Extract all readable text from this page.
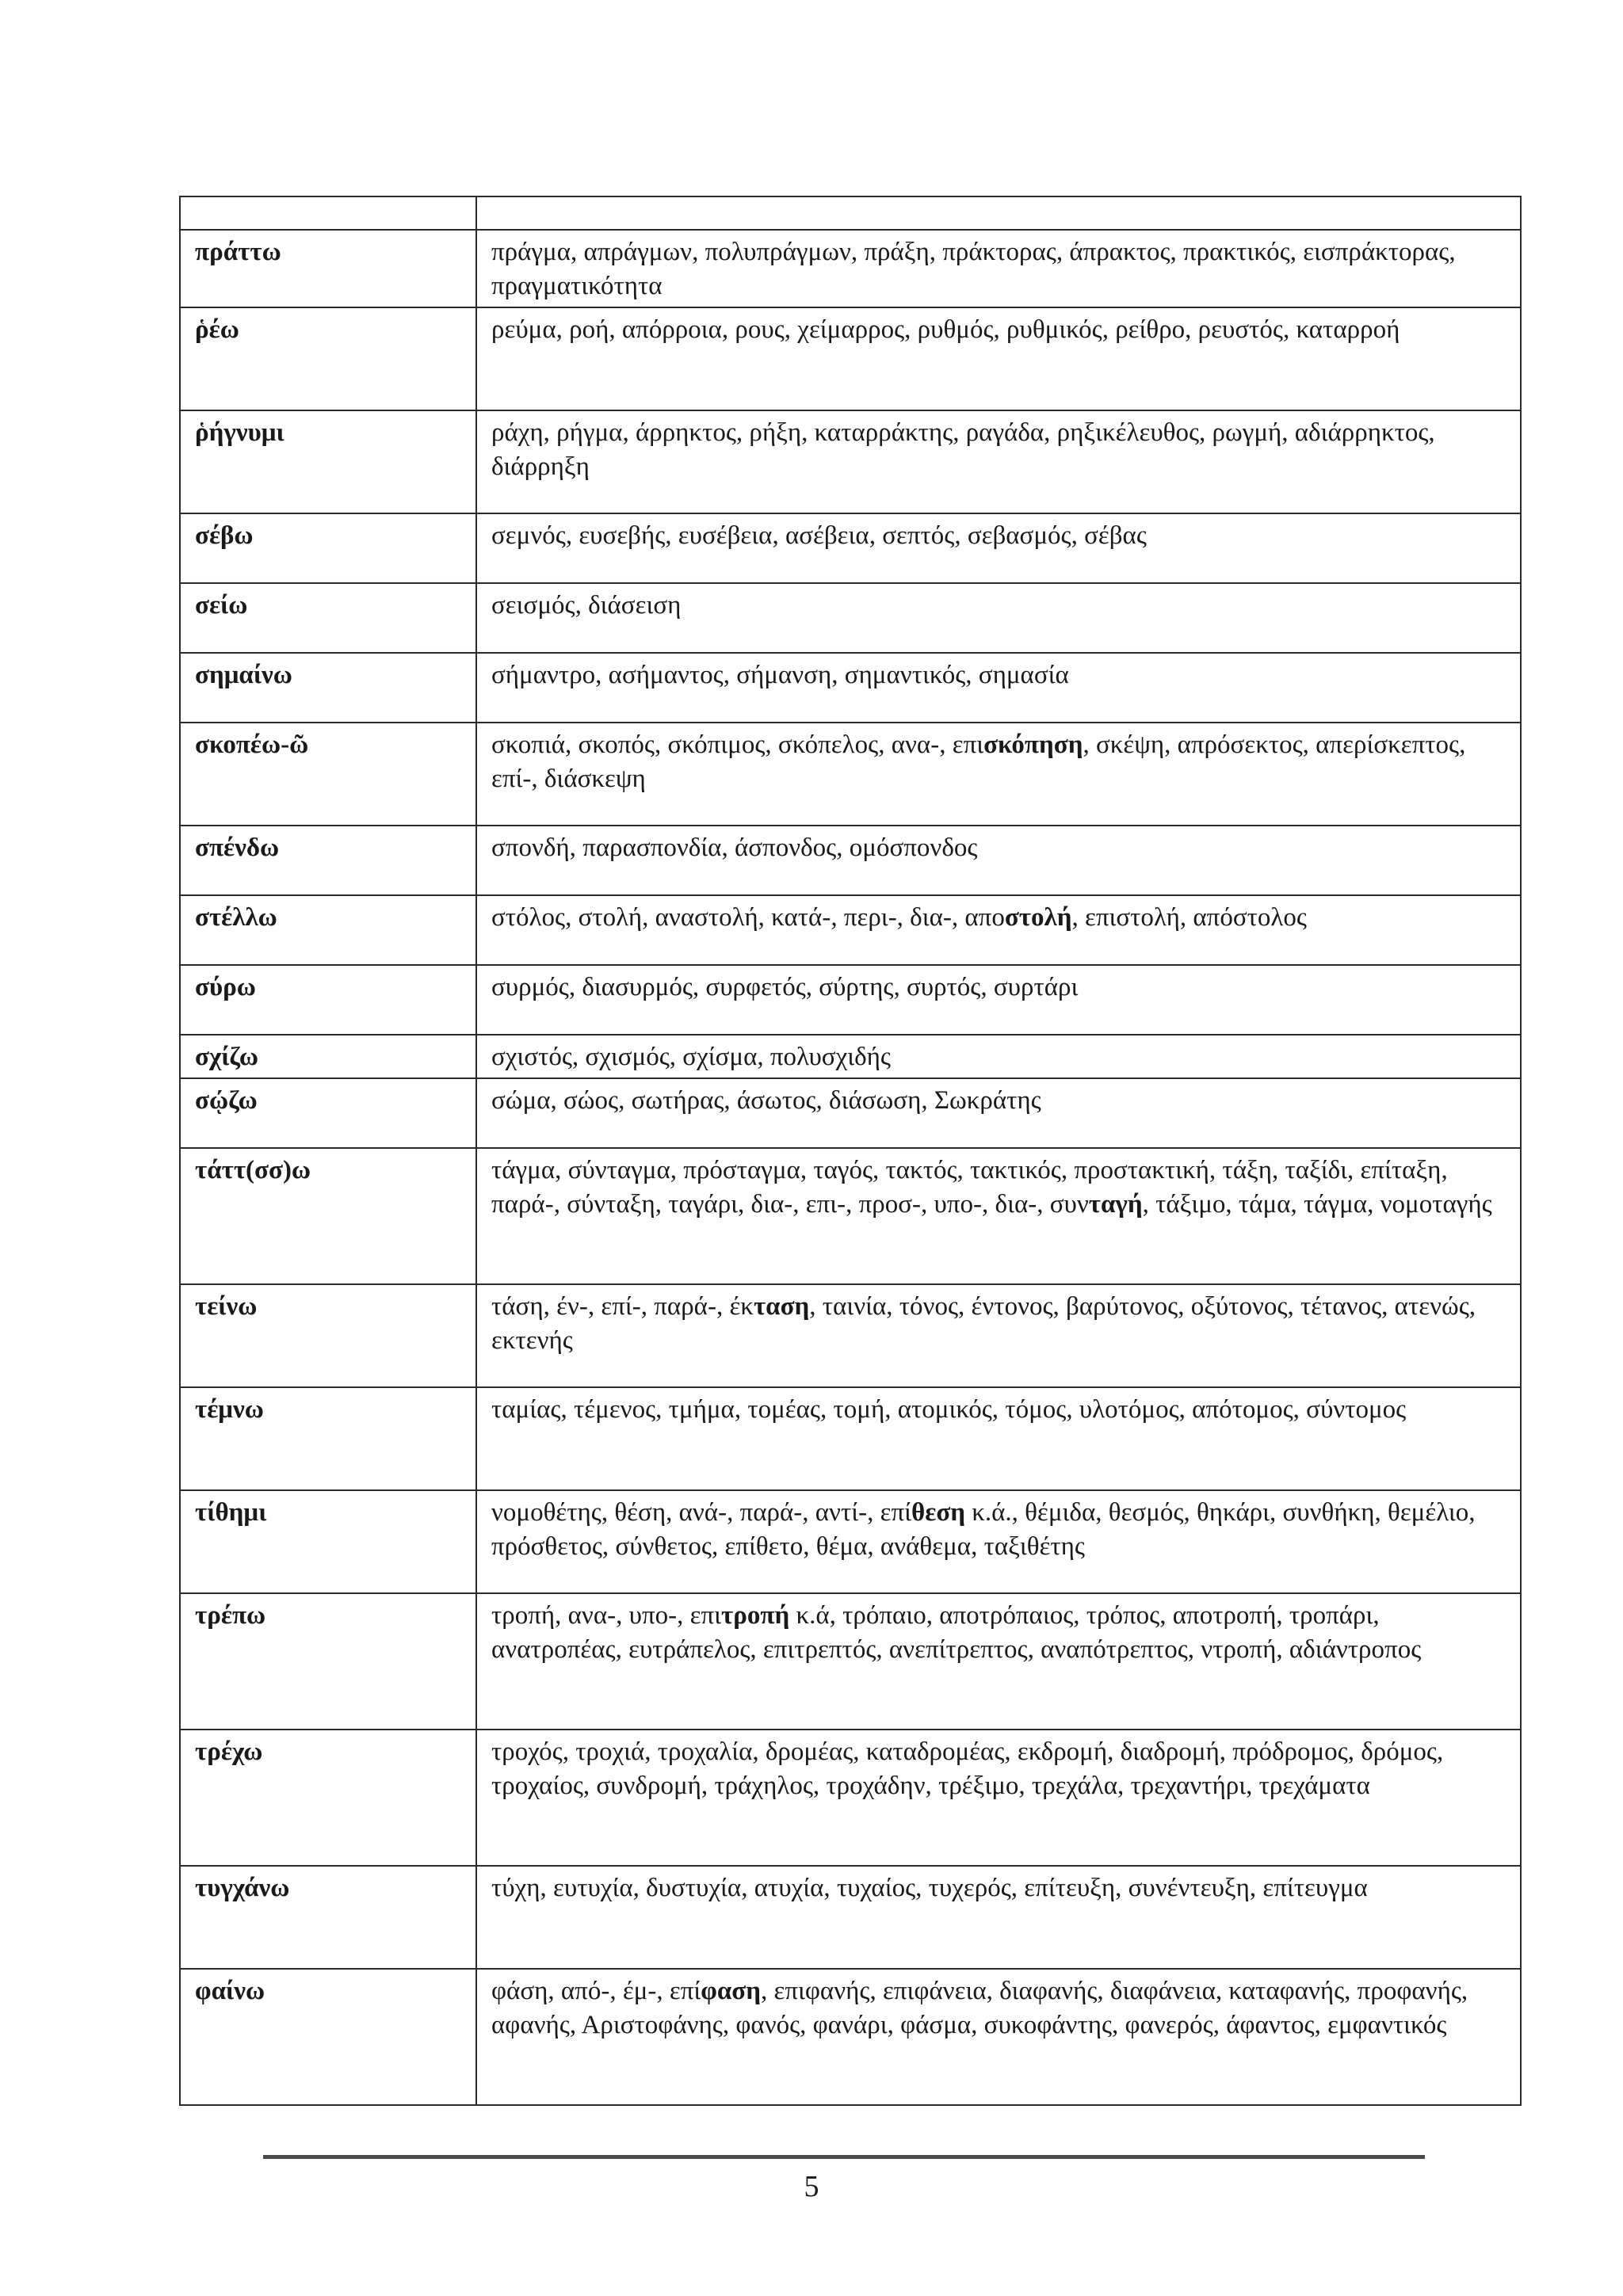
πράττω	πράγμα, απράγμων, πολυπράγμων, πράξη, πράκτορας, άπρακτος, πρακτικός, εισπράκτορας, πραγματικότητα
ῥέω	ρεύμα, ροή, απόρροια, ρους, χείμαρρος, ρυθμός, ρυθμικός, ρείθρο, ρευστός, καταρροή
ῥήγνυμι	ράχη, ρήγμα, άρρηκτος, ρήξη, καταρράκτης, ραγάδα, ρηξικέλευθος, ρωγμή, αδιάρρηκτος, διάρρηξη
σέβω	σεμνός, ευσεβής, ευσέβεια, ασέβεια, σεπτός, σεβασμός, σέβας
σείω	σεισμός, διάσειση
σημαίνω	σήμαντρο, ασήμαντος, σήμανση, σημαντικός, σημασία
σκοπέω-ῶ	σκοπιά, σκοπός, σκόπιμος, σκόπελος, ανα-, επισκόπηση, σκέψη, απρόσεκτος, απερίσκεπτος, επί-, διάσκεψη
σπένδω	σπονδή, παρασπονδία, άσπονδος, ομόσπονδος
στέλλω	στόλος, στολή, αναστολή, κατά-, περι-, δια-, αποστολή, επιστολή, απόστολος
σύρω	συρμός, διασυρμός, συρφετός, σύρτης, συρτός, συρτάρι
σχίζω	σχιστός, σχισμός, σχίσμα, πολυσχιδής
σῴζω	σώμα, σώος, σωτήρας, άσωτος, διάσωση, Σωκράτης
τάττ(σσ)ω	τάγμα, σύνταγμα, πρόσταγμα, ταγός, τακτός, τακτικός, προστακτική, τάξη, ταξίδι, επίταξη, παρά-, σύνταξη, ταγάρι, δια-, επι-, προσ-, υπο-, δια-, συνταγή, τάξιμο, τάμα, τάγμα, νομοταγής
τείνω	τάση, έν-, επί-, παρά-, έκταση, ταινία, τόνος, έντονος, βαρύτονος, οξύτονος, τέτανος, ατενώς, εκτενής
τέμνω	ταμίας, τέμενος, τμήμα, τομέας, τομή, ατομικός, τόμος, υλοτόμος, απότομος, σύντομος
τίθημι	νομοθέτης, θέση, ανά-, παρά-, αντί-, επίθεση κ.ά., θέμιδα, θεσμός, θηκάρι, συνθήκη, θεμέλιο, πρόσθετος, σύνθετος, επίθετο, θέμα, ανάθεμα, ταξιθέτης
τρέπω	τροπή, ανα-, υπο-, επιτροπή κ.ά, τρόπαιο, αποτρόπαιος, τρόπος, αποτροπή, τροπάρι, ανατροπέας, ευτράπελος, επιτρεπτός, ανεπίτρεπτος, αναπότρεπτος, ντροπή, αδιάντροπος
τρέχω	τροχός, τροχιά, τροχαλία, δρομέας, καταδρομέας, εκδρομή, διαδρομή, πρόδρομος, δρόμος, τροχαίος, συνδρομή, τράχηλος, τροχάδην, τρέξιμο, τρεχάλα, τρεχαντήρι, τρεχάματα
τυγχάνω	τύχη, ευτυχία, δυστυχία, ατυχία, τυχαίος, τυχερός, επίτευξη, συνέντευξη, επίτευγμα
φαίνω	φάση, από-, έμ-, επίφαση, επιφανής, επιφάνεια, διαφανής, διαφάνεια, καταφανής, προφανής, αφανής, Αριστοφάνης, φανός, φανάρι, φάσμα, συκοφάντης, φανερός, άφαντος, εμφαντικός
5
